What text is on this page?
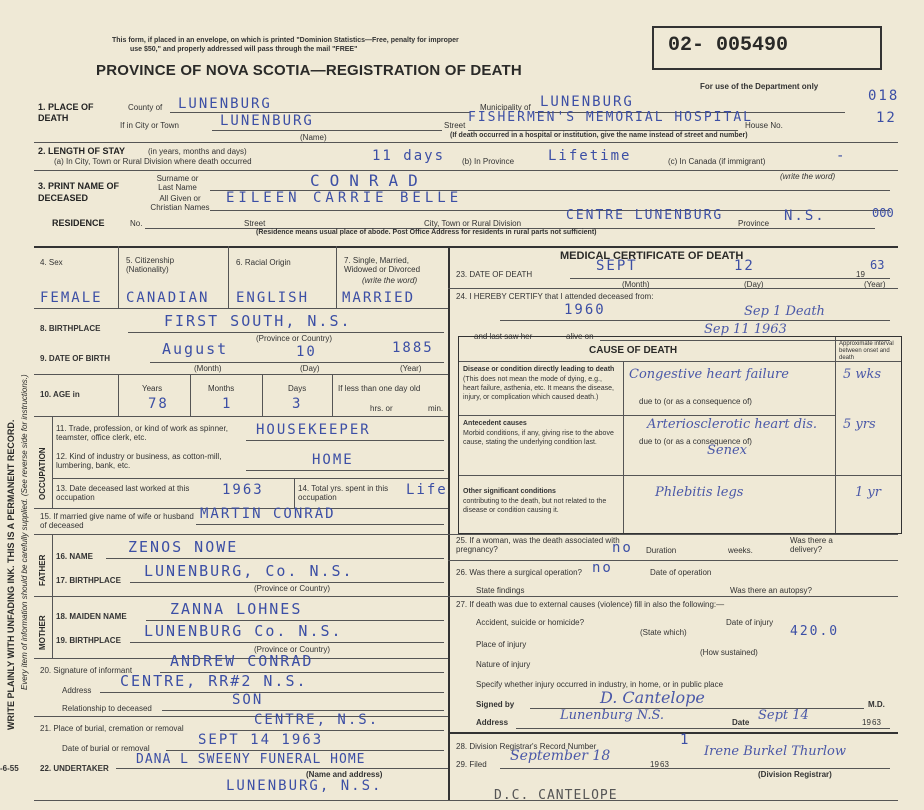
WRITE PLAINLY WITH UNFADING INK. THIS IS A PERMANENT RECORD. Every item of information should be carefully supplied. (See reverse side for instructions.)
This form, if placed in an envelope, on which is printed "Dominion Statistics—Free, penalty for improper
use $50," and properly addressed will pass through the mail "FREE"
PROVINCE OF NOVA SCOTIA—REGISTRATION OF DEATH
02- 005490
For use of the Department only
018
1. PLACE OF DEATH
County of LUNENBURG	Municipality of LUNENBURG
If in City or Town	LUNENBURG
(Name)
Street
FISHERMEN'S MEMORIAL HOSPITAL
House No.	12
(If death occurred in a hospital or institution, give the name instead of street and number)
2. LENGTH OF STAY	(in years, months and days)
(a) In City, Town or Rural Division where death occurred	11 days (b) In Province Lifetime	(c) In Canada (if immigrant)	-
3. PRINT NAME OF DECEASED
Surname or Last Name	CONRAD
All Given or Christian Names
EILEEN CARRIE BELLE
(write the word)
RESIDENCE	No.	Street	City, Town or Rural Division
CENTRE LUNENBURG
Province N.S.	000
(Residence means usual place of abode. Post Office Address for residents in rural parts not sufficient)
4. Sex	5. Citizenship (Nationality)
6. Racial Origin	7. Single, Married, Widowed or Divorced
(write the word)
FEMALE CANADIAN ENGLISH MARRIED
8. BIRTHPLACE	FIRST SOUTH, N.S.
(Province or Country)
9. DATE OF BIRTH
August	10	1885
(Month)	(Day)	(Year)
10. AGE in
Years	Months	Days	If less than one day old
78	1	3	hrs. or	min.
OCCUPATION
11. Trade, profession, or kind of work as spinner, teamster, office clerk, etc.	HOUSEKEEPER
12. Kind of industry or business, as cotton-mill, lumbering, bank, etc.	HOME
13. Date deceased last worked at this occupation	1963	14. Total yrs. spent in this occupation	Life
15. If married give name of wife or husband of deceased
MARTIN CONRAD
FATHER 16. NAME
ZENOS NOWE
17. BIRTHPLACE
LUNENBURG, Co. N.S.
(Province or Country)
MOTHER 18. MAIDEN NAME	ZANNA LOHNES
19. BIRTHPLACE
LUNENBURG Co. N.S.
(Province or Country)
20. Signature of informant
ANDREW CONRAD
Address
CENTRE, RR#2 N.S.
Relationship to deceased
SON
21. Place of burial, cremation or removal
CENTRE, N.S.
Date of burial or removal
SEPT 14 1963
22. UNDERTAKER
DANA L SWEENY FUNERAL HOME
(Name and address)
LUNENBURG, N.S.
-6-55
MEDICAL CERTIFICATE OF DEATH
23. DATE OF DEATH
SEPT	12
19
63
(Month)	(Day)	(Year)
24. I HEREBY CERTIFY that I attended deceased from:
1960	Sep 1 Death
and last saw her	alive on	Sep 11 1963
CAUSE OF DEATH
Approximate interval between onset and death
Disease or condition directly leading to death
(This does not mean the mode of dying, e.g., heart failure, asthenia, etc. It means the disease, injury, or complication which caused death.)
Congestive heart failure	5 wks
due to (or as a consequence of)
Antecedent causes
Morbid conditions, if any, giving rise to the above cause, stating the underlying condition last.
Arteriosclerotic heart dis. 5 yrs
due to (or as a consequence of)
Senex
Other significant conditions
contributing to the death, but not related to the disease or condition causing it.
Phlebitis legs	1 yr
25. If a woman, was the death associated with pregnancy?	no Duration	weeks.
Was there a delivery?
26. Was there a surgical operation? no	Date of operation
State findings	Was there an autopsy?
27. If death was due to external causes (violence) fill in also the following:—
Accident, suicide or homicide?	Date of injury
(State which)	420.0
Place of injury
(How sustained)
Nature of injury
Specify whether injury occurred in industry, in home, or in public place
Signed by	D. Cantelope	M.D.
Address	Lunenburg N.S.	Date Sept 14	19 63
28. Division Registrar's Record Number	1
29. Filed
September 18
19 63
Irene Burkel Thurlow
(Division Registrar)
D.C. CANTELOPE
